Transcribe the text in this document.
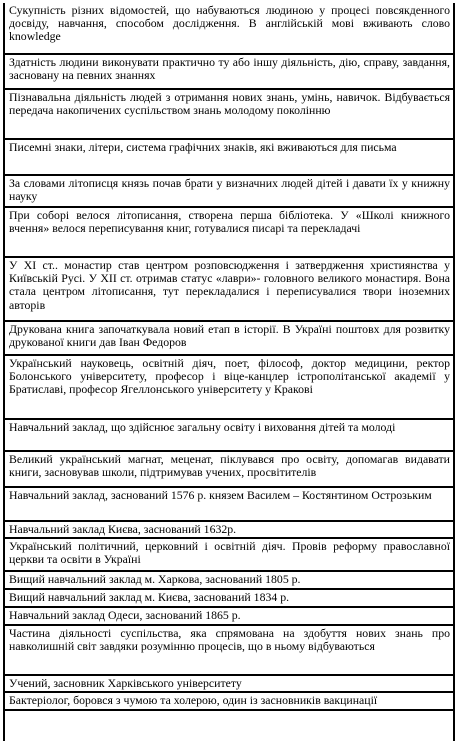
Сукупність різних відомостей, що набуваються людиною у процесі повсякденного досвіду, навчання, способом дослідження. В англійській мові вживають слово knowledge
Здатність людини виконувати практично ту або іншу діяльність, дію, справу, завдання, засновану на певних знаннях
Пізнавальна діяльність людей з отримання нових знань, умінь, навичок. Відбувається передача накопичених суспільством знань молодому поколінню
Писемні знаки, літери, система графічних знаків, які вживаються для письма
За словами літописця князь почав брати у визначних людей дітей і давати їх у книжну науку
При соборі велося літописання, створена перша бібліотека. У «Школі книжного вчення» велося переписування книг, готувалися писарі та перекладачі
У XI ст.. монастир став центром розповсюдження і затвердження християнства у Київській Русі. У XII ст. отримав статус «лаври»- головного великого монастиря. Вона стала центром літописання, тут перекладалися і переписувалися твори іноземних авторів
Друкована книга започаткувала новий етап в історії. В Україні поштовх для розвитку друкованої книги дав Іван Федоров
Український науковець, освітній діяч, поет, філософ, доктор медицини, ректор Болонського університету, професор і віце-канцлер істрополітанської академії у Братиславі, професор Ягеллонського університету у Кракові
Навчальний заклад, що здійснює загальну освіту і виховання дітей та молоді
Великий український магнат, меценат, піклувався про освіту, допомагав видавати книги, засновував школи, підтримував учених, просвітителів
Навчальний заклад, заснований 1576 р. князем Василем – Костянтином Острозьким
Навчальний заклад Києва, заснований 1632р.
Український політичний, церковний і освітній діяч. Провів реформу православної церкви та освіти в Україні
Вищий навчальний заклад м. Харкова, заснований 1805 р.
Вищий навчальний заклад м. Києва, заснований 1834 р.
Навчальний заклад Одеси, заснований 1865 р.
Частина діяльності суспільства, яка спрямована на здобуття нових знань про навколишній світ завдяки розумінню процесів, що в ньому відбуваються
Учений, засновник Харківського університету
Бактеріолог, боровся з чумою та холерою, один із засновників вакцинації
